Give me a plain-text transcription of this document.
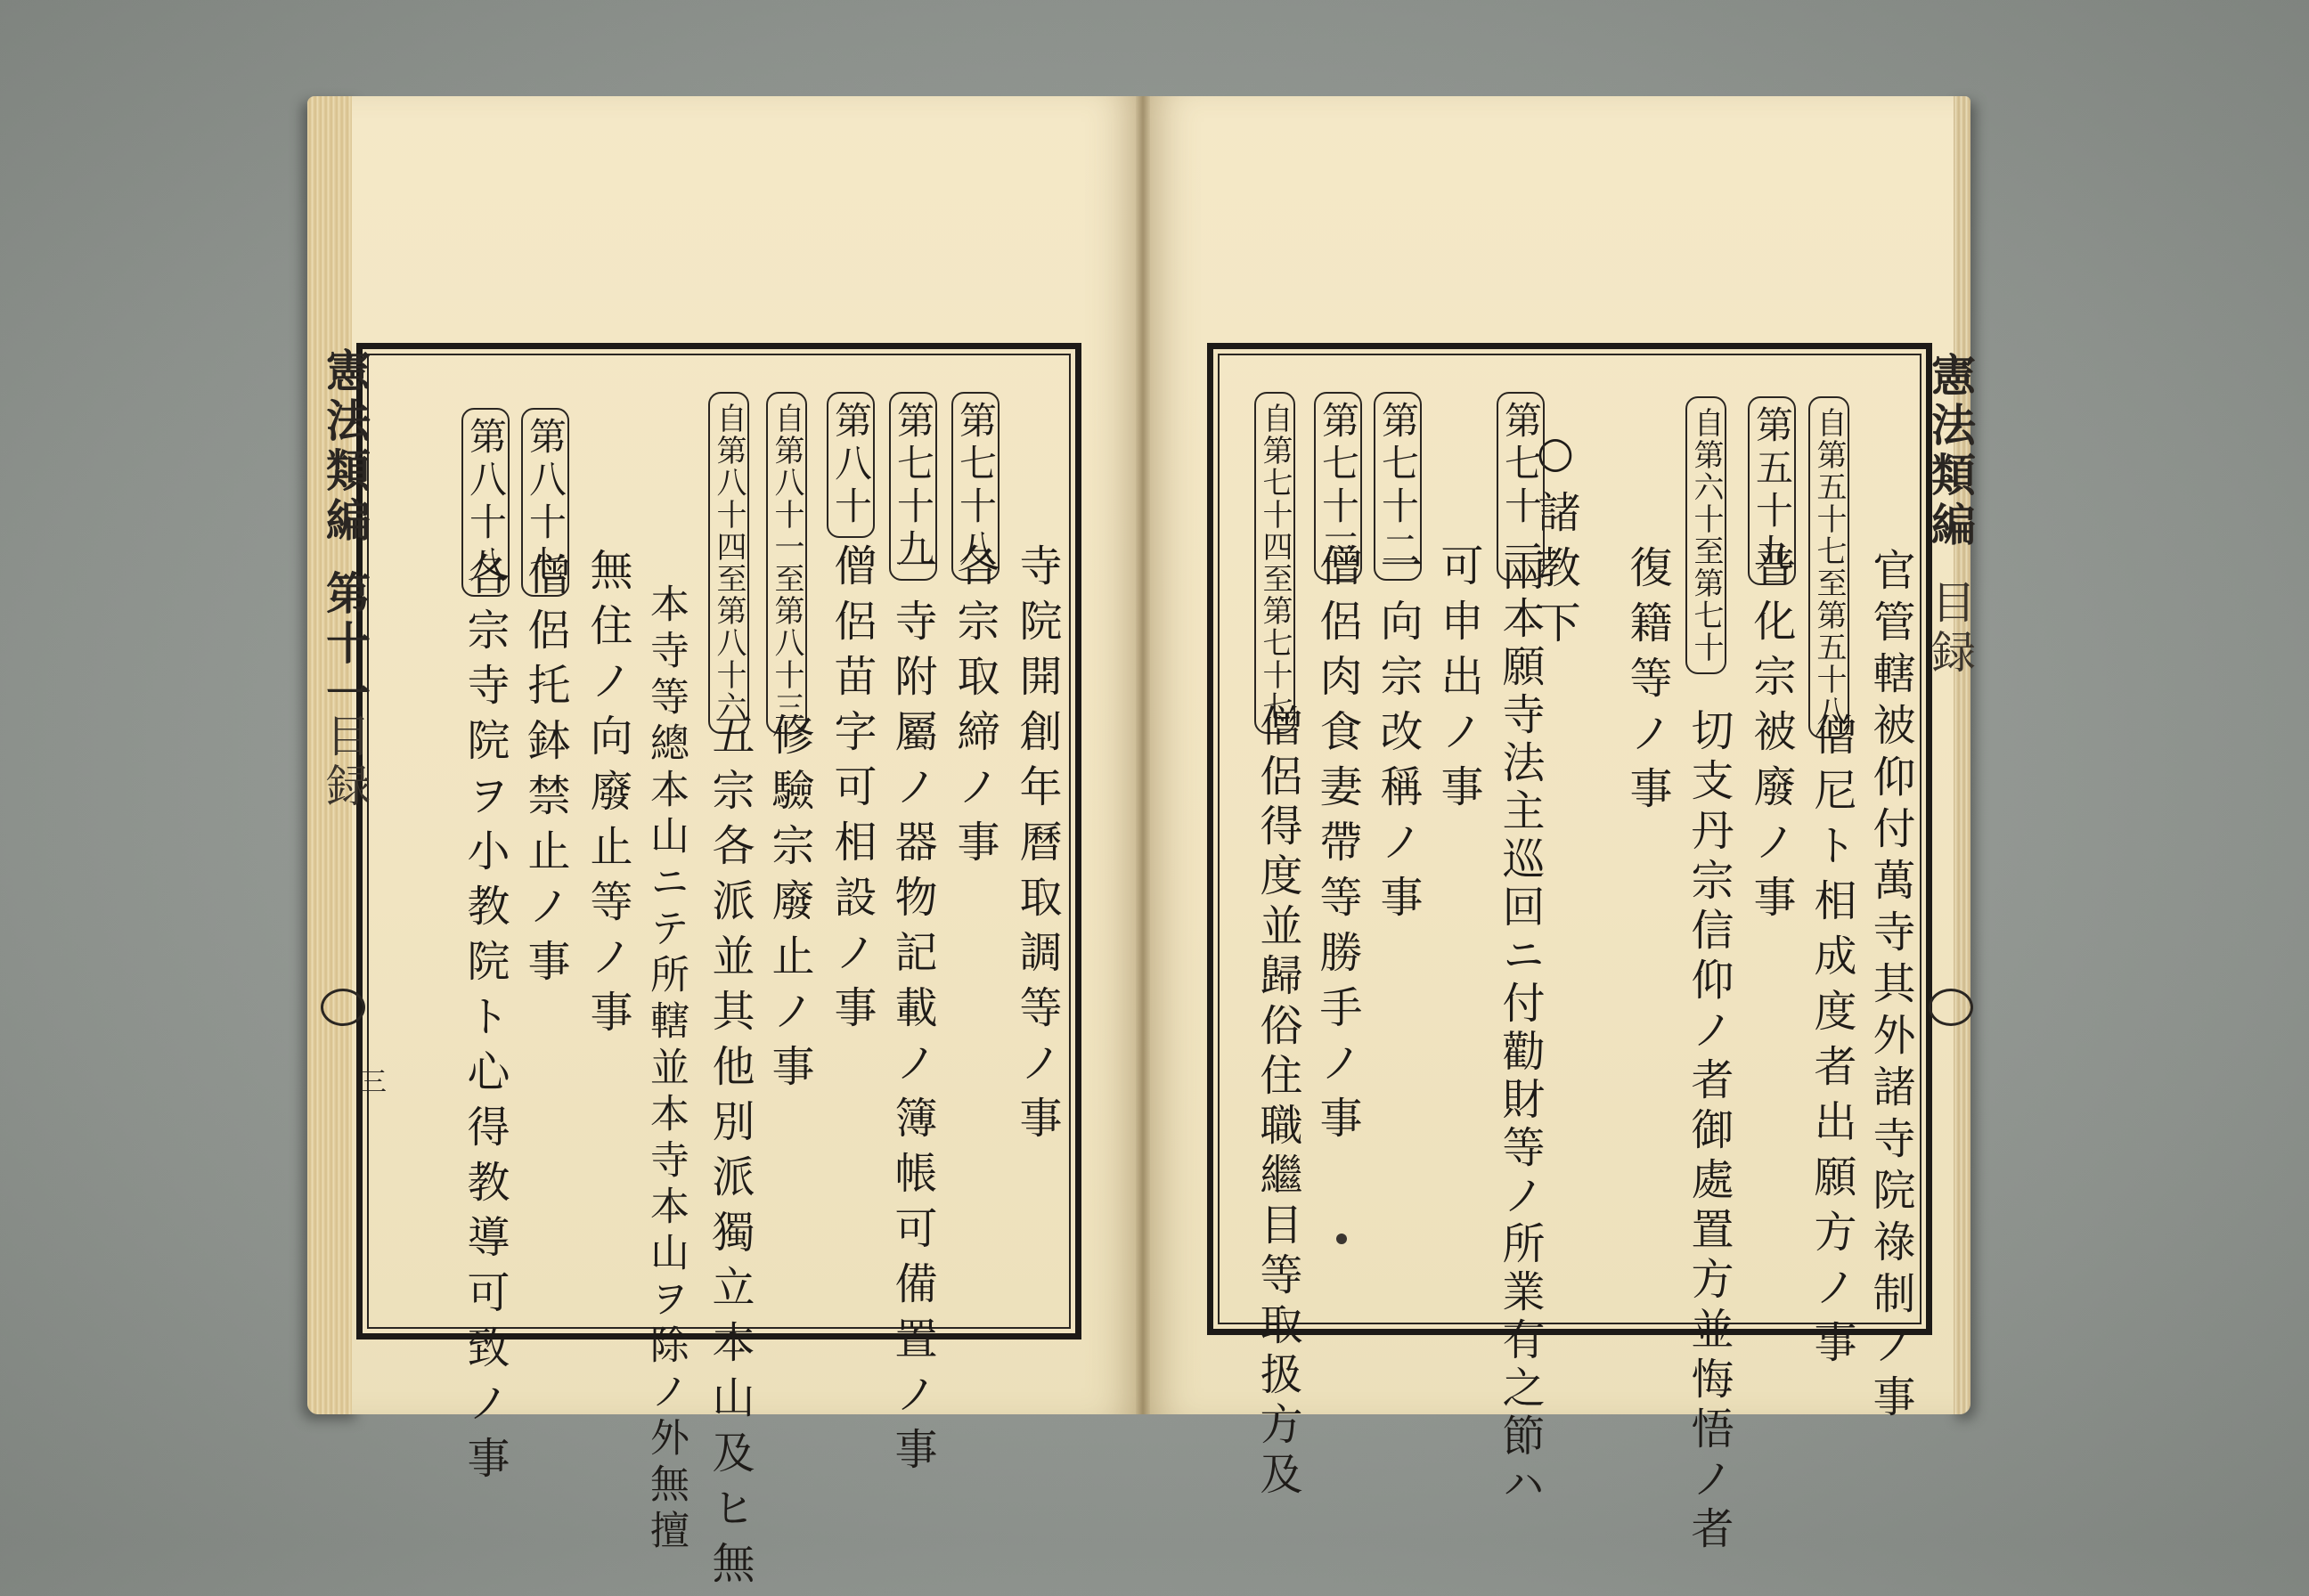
憲法類編
第十一
目録
三	寺院開創年曆取調等ノ事
第七十八
各宗取締ノ事
第七十九
一寺附屬ノ器物記載ノ簿帳可備置ノ事
第八十
僧侶苗字可相設ノ事
自第八十一至第八十三
修驗宗廢止ノ事
自第八十四至第八十六
五宗各派並其他別派獨立本山及ヒ無
本寺等總本山ニテ所轄並本寺本山ヲ除ノ外無擅
無住ノ向廢止等ノ事
第八十七
僧侶托鉢禁止ノ事
第八十八
各宗寺院ヲ小教院ト心得教導可致ノ事
憲法類編
目録
官管轄被仰付萬寺其外諸寺院祿制ノ事
自第五十七至第五十八
僧尼ト相成度者出願方ノ事
第五十九
普化宗被廢ノ事
自第六十至第七十
切支丹宗信仰ノ者御處置方並悔悟ノ者
復籍等ノ事
○諸教下
第七十一
兩本願寺法主巡回ニ付勸財等ノ所業有之節ハ
可申出ノ事
第七十二
一向宗改稱ノ事
第七十三
僧侶肉食妻帶等勝手ノ事
自第七十四至第七十七
僧侶得度並歸俗住職繼目等取扱方及
